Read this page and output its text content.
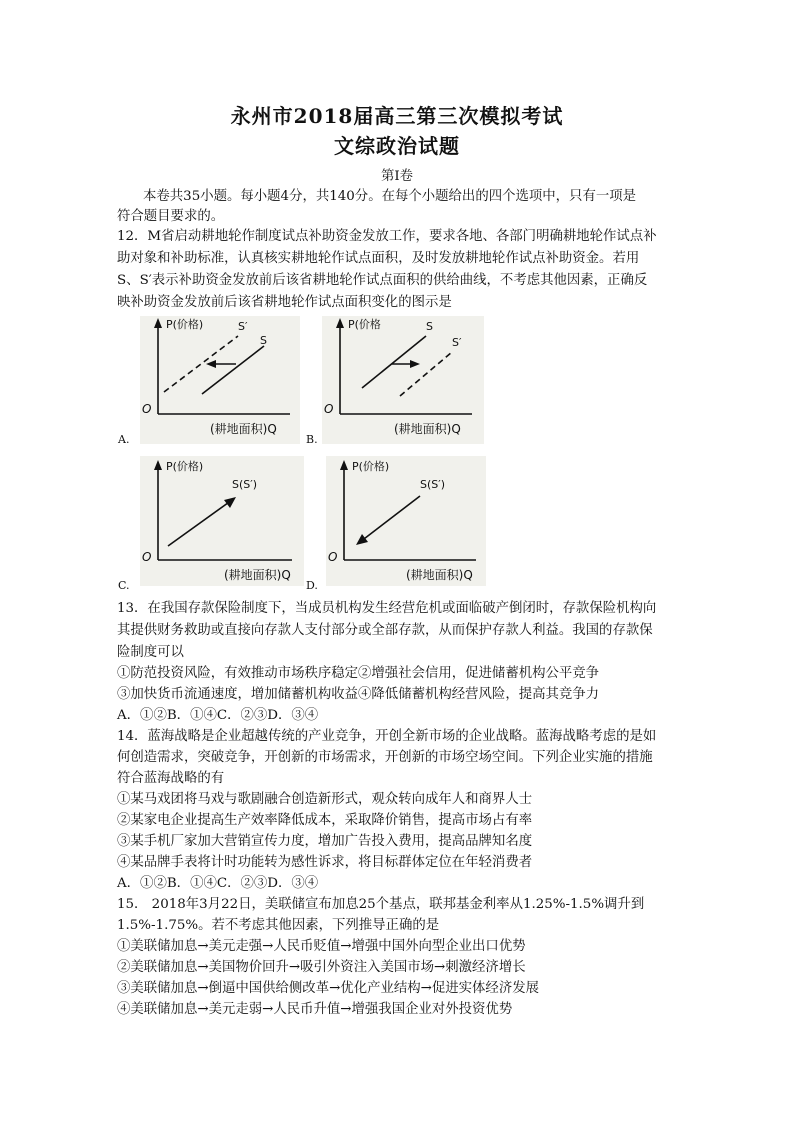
永州市2018届高三第三次模拟考试
文综政治试题
第Ⅰ卷
本卷共35小题。每小题4分，共140分。在每个小题给出的四个选项中，只有一项是
符合题目要求的。
12．M省启动耕地轮作制度试点补助资金发放工作，要求各地、各部门明确耕地轮作试点补
助对象和补助标准，认真核实耕地轮作试点面积，及时发放耕地轮作试点补助资金。若用
S、S′表示补助资金发放前后该省耕地轮作试点面积的供给曲线，不考虑其他因素，正确反
映补助资金发放前后该省耕地轮作试点面积变化的图示是
P(价格)	S′
S
O
(耕地面积)Q
A.
P(价格	S
S′
O
(耕地面积)Q
B.
P(价格)
S(S′)
O
(耕地面积)Q
C.
P(价格)
S(S′)
O
(耕地面积)Q
D.
13．在我国存款保险制度下，当成员机构发生经营危机或面临破产倒闭时，存款保险机构向
其提供财务救助或直接向存款人支付部分或全部存款，从而保护存款人利益。我国的存款保
险制度可以
①防范投资风险，有效推动市场秩序稳定②增强社会信用，促进储蓄机构公平竞争
③加快货币流通速度，增加储蓄机构收益④降低储蓄机构经营风险，提高其竞争力
A．①②B．①④C．②③D．③④
14．蓝海战略是企业超越传统的产业竞争，开创全新市场的企业战略。蓝海战略考虑的是如
何创造需求，突破竞争，开创新的市场需求，开创新的市场空场空间。下列企业实施的措施
符合蓝海战略的有
①某马戏团将马戏与歌剧融合创造新形式，观众转向成年人和商界人士
②某家电企业提高生产效率降低成本，采取降价销售，提高市场占有率
③某手机厂家加大营销宣传力度，增加广告投入费用，提高品牌知名度
④某品牌手表将计时功能转为感性诉求，将目标群体定位在年轻消费者
A．①②B．①④C．②③D．③④
15． 2018年3月22日，美联储宣布加息25个基点，联邦基金利率从1.25%-1.5%调升到
1.5%-1.75%。若不考虑其他因素，下列推导正确的是
①美联储加息→美元走强→人民币贬值→增强中国外向型企业出口优势
②美联储加息→美国物价回升→吸引外资注入美国市场→刺激经济增长
③美联储加息→倒逼中国供给侧改革→优化产业结构→促进实体经济发展
④美联储加息→美元走弱→人民币升值→增强我国企业对外投资优势
